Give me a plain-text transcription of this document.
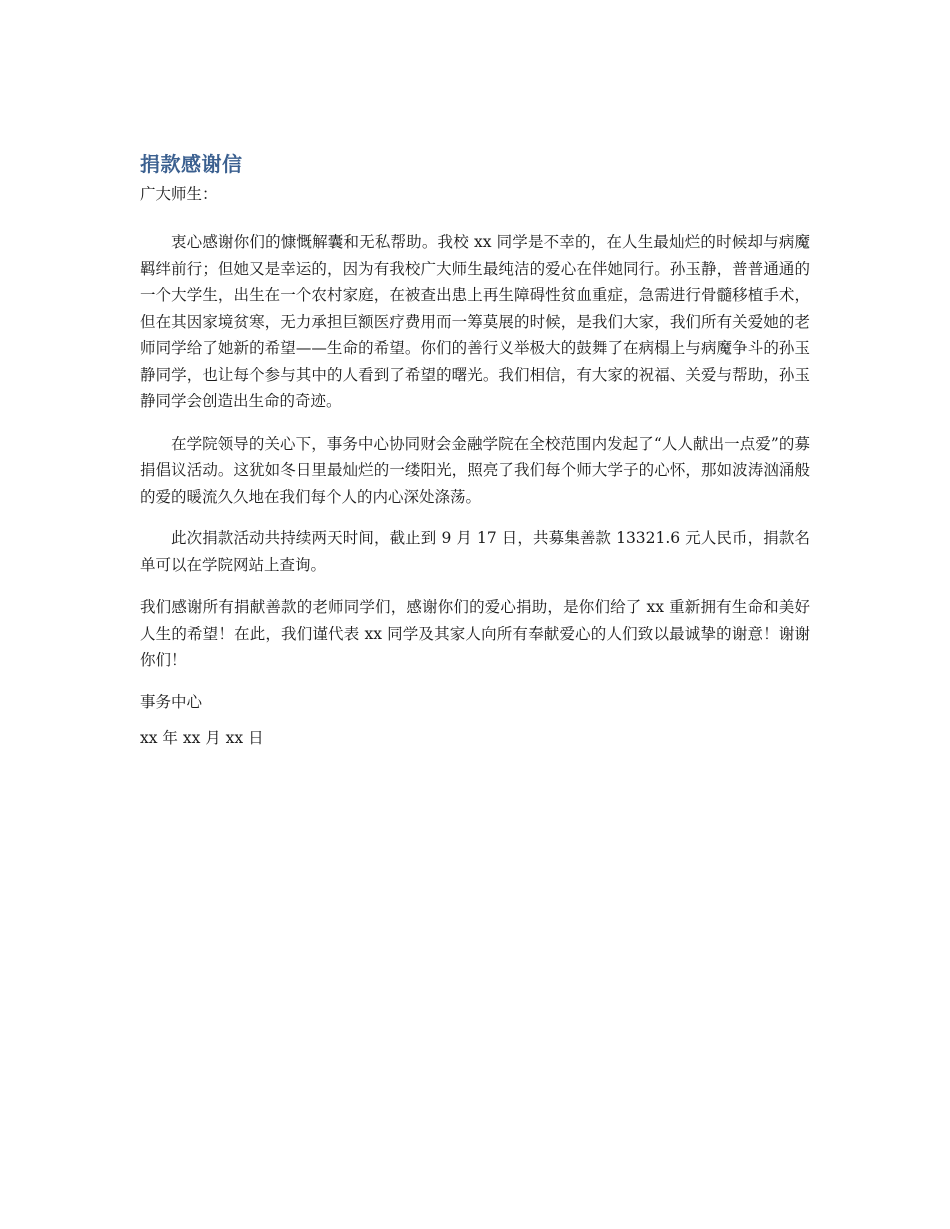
捐款感谢信

广大师生：

衷心感谢你们的慷慨解囊和无私帮助。我校 xx 同学是不幸的，在人生最灿烂的时候却与病魔羁绊前行；但她又是幸运的，因为有我校广大师生最纯洁的爱心在伴她同行。孙玉静，普普通通的一个大学生，出生在一个农村家庭，在被查出患上再生障碍性贫血重症，急需进行骨髓移植手术，但在其因家境贫寒，无力承担巨额医疗费用而一筹莫展的时候，是我们大家，我们所有关爱她的老师同学给了她新的希望——生命的希望。你们的善行义举极大的鼓舞了在病榻上与病魔争斗的孙玉静同学，也让每个参与其中的人看到了希望的曙光。我们相信，有大家的祝福、关爱与帮助，孙玉静同学会创造出生命的奇迹。

在学院领导的关心下，事务中心协同财会金融学院在全校范围内发起了“人人献出一点爱”的募捐倡议活动。这犹如冬日里最灿烂的一缕阳光，照亮了我们每个师大学子的心怀，那如波涛汹涌般的爱的暖流久久地在我们每个人的内心深处涤荡。

此次捐款活动共持续两天时间，截止到 9 月 17 日，共募集善款 13321.6 元人民币，捐款名单可以在学院网站上查询。

我们感谢所有捐献善款的老师同学们，感谢你们的爱心捐助，是你们给了 xx 重新拥有生命和美好人生的希望！在此，我们谨代表 xx 同学及其家人向所有奉献爱心的人们致以最诚挚的谢意！谢谢你们！

事务中心

xx 年 xx 月 xx 日
